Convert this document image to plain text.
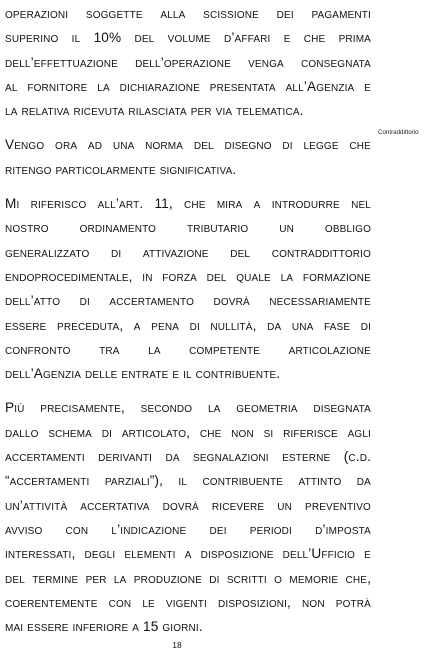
operazioni soggette alla scissione dei pagamenti
superino il 10% del volume d’affari e che prima
dell’effettuazione dell’operazione venga consegnata
al fornitore la dichiarazione presentata all’Agenzia e
la relativa ricevuta rilasciata per via telematica.
Vengo ora ad una norma del disegno di legge che
ritengo particolarmente significativa.
Mi riferisco all’art. 11, che mira a introdurre nel
nostro ordinamento tributario un obbligo
generalizzato di attivazione del contraddittorio
endoprocedimentale, in forza del quale la formazione
dell’atto di accertamento dovrà necessariamente
essere preceduta, a pena di nullità, da una fase di
confronto tra la competente articolazione
dell’Agenzia delle entrate e il contribuente.
Più precisamente, secondo la geometria disegnata
dallo schema di articolato, che non si riferisce agli
accertamenti derivanti da segnalazioni esterne (c.d.
“accertamenti parziali”), il contribuente attinto da
un’attività accertativa dovrà ricevere un preventivo
avviso con l’indicazione dei periodi d’imposta
interessati, degli elementi a disposizione dell’Ufficio e
del termine per la produzione di scritti o memorie che,
coerentemente con le vigenti disposizioni, non potrà
mai essere inferiore a 15 giorni.
Contraddittorio
18
